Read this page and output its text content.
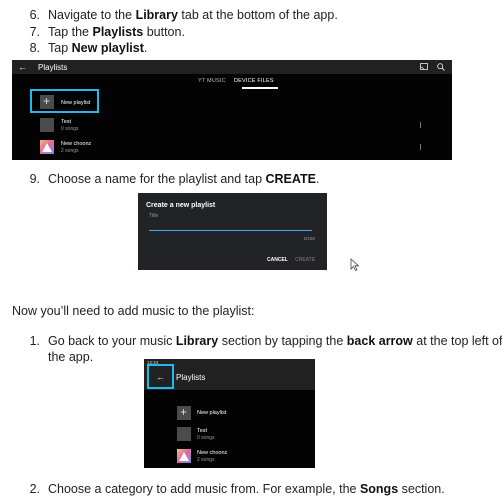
6. Navigate to the Library tab at the bottom of the app.
7. Tap the Playlists button.
8. Tap New playlist.
← Playlists
YT MUSIC DEVICE FILES
+ New playlist
Test
0 songs
New choonz
2 songs
9. Choose a name for the playlist and tap CREATE.
Create a new playlist
Title
0/150
CANCEL CREATE
Now you’ll need to add music to the playlist:
1. Go back to your music Library section by tapping the back arrow at the top left of
the app.	12:24
← Playlists
+ New playlist
Test
0 songs
New choonz
2 songs
2. Choose a category to add music from. For example, the Songs section.
